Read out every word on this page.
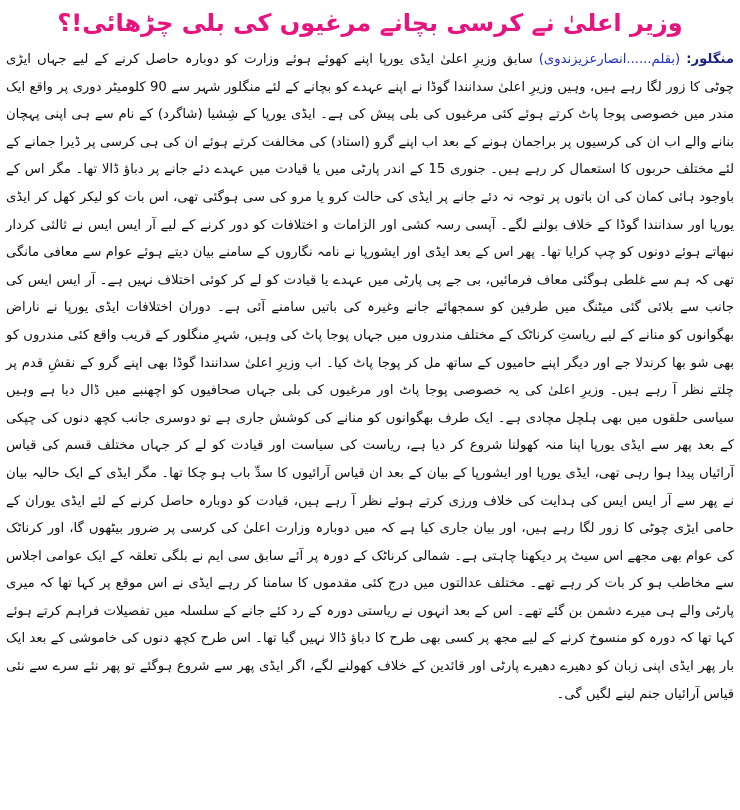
وزیر اعلیٰ نے کرسی بچانے مرغیوں کی بلی چڑھائی!؟

منگلور: (بقلم......انصارعزیزندوی) سابق وزیرِ اعلیٰ ایڈی یورپا اپنے کھوئے ہوئے وزارت کو دوبارہ حاصل کرنے کے لیے جہاں ایڑی چوٹی کا زور لگا رہے ہیں، وہیں وزیرِ اعلیٰ سدانندا گوڈا نے اپنے عہدے کو بچانے کے لئے منگلور شہر سے 90 کلومیٹر دوری پر واقع ایک مندر میں خصوصی پوجا پاٹ کرتے ہوئے کئی مرغیوں کی بلی پیش کی ہے۔ ایڈی یورپا کے شِشیا (شاگرد) کے نام سے ہی اپنی پہچان بنانے والے اب ان کی کرسیوں پر براجمان ہونے کے بعد اب اپنے گرو (استاد) کی مخالفت کرتے ہوئے ان کی ہی کرسی پر ڈیرا جمانے کے لئے مختلف حربوں کا استعمال کر رہے ہیں۔ جنوری 15 کے اندر پارٹی میں یا قیادت میں عہدے دئے جانے پر دباؤ ڈالا تھا۔ مگر اس کے باوجود ہائی کمان کی ان باتوں پر توجہ نہ دئے جانے پر ایڈی کی حالت کرو یا مرو کی سی ہوگئی تھی، اس بات کو لیکر کھل کر ایڈی یورپا اور سدانندا گوڈا کے خلاف بولنے لگے۔ آپسی رسہ کشی اور الزامات و اختلافات کو دور کرنے کے لیے آر ایس ایس نے ثالثی کردار نبھاتے ہوئے دونوں کو چپ کرایا تھا۔ پھر اس کے بعد ایڈی اور ایشورپا نے نامہ نگاروں کے سامنے بیان دیتے ہوئے عوام سے معافی مانگی تھی کہ ہم سے غلطی ہوگئی معاف فرمائیں، بی جے پی پارٹی میں عہدے یا قیادت کو لے کر کوئی اختلاف نہیں ہے۔ آر ایس ایس کی جانب سے بلائی گئی میٹنگ میں طرفین کو سمجھائے جانے وغیرہ کی باتیں سامنے آئی ہے۔ دوران اختلافات ایڈی یورپا نے ناراض بھگوانوں کو منانے کے لیے ریاستِ کرناٹک کے مختلف مندروں میں جہاں پوجا پاٹ کی وہیں، شہرِ منگلور کے قریب واقع کئی مندروں کو بھی شو بھا کرندلا جے اور دیگر اپنے حامیوں کے ساتھ مل کر پوجا پاٹ کیا۔ اب وزیرِ اعلیٰ سدانندا گوڈا بھی اپنے گرو کے نقشِ قدم پر چلتے نظر آ رہے ہیں۔ وزیرِ اعلیٰ کی یہ خصوصی پوجا پاٹ اور مرغیوں کی بلی جہاں صحافیوں کو اچھنبے میں ڈال دیا ہے وہیں سیاسی حلقوں میں بھی ہلچل مچادی ہے۔ ایک طرف بھگوانوں کو منانے کی کوشش جاری ہے تو دوسری جانب کچھ دنوں کی چپکی کے بعد پھر سے ایڈی یورپا اپنا منہ کھولنا شروع کر دیا ہے، ریاست کی سیاست اور قیادت کو لے کر جہاں مختلف قسم کی قیاس آرائیاں پیدا ہوا رہی تھی، ایڈی یورپا اور ایشورپا کے بیان کے بعد ان قیاس آرائیوں کا سدِّ باب ہو چکا تھا۔ مگر ایڈی کے ایک حالیہ بیان نے پھر سے آر ایس ایس کی ہدایت کی خلاف ورزی کرتے ہوئے نظر آ رہے ہیں، قیادت کو دوبارہ حاصل کرنے کے لئے ایڈی یوران کے حامی ایڑی چوٹی کا زور لگا رہے ہیں، اور بیان جاری کیا ہے کہ میں دوبارہ وزارت اعلیٰ کی کرسی پر ضرور بیٹھوں گا، اور کرناٹک کی عوام بھی مجھے اس سیٹ پر دیکھنا چاہتی ہے۔ شمالی کرناٹک کے دورہ پر آئے سابق سی ایم نے بلگی تعلقہ کے ایک عوامی اجلاس سے مخاطب ہو کر بات کر رہے تھے۔ مختلف عدالتوں میں درج کئی مقدموں کا سامنا کر رہے ایڈی نے اس موقع پر کہا تھا کہ میری پارٹی والے ہی میرے دشمن بن گئے تھے۔ اس کے بعد انہوں نے ریاستی دورہ کے رد کئے جانے کے سلسلہ میں تفصیلات فراہم کرتے ہوئے کہا تھا کہ دورہ کو منسوخ کرنے کے لیے مجھ پر کسی بھی طرح کا دباؤ ڈالا نہیں گیا تھا۔ اس طرح کچھ دنوں کی خاموشی کے بعد ایک بار پھر ایڈی اپنی زبان کو دھیرے دھیرے پارٹی اور قائدین کے خلاف کھولنے لگے، اگر ایڈی پھر سے شروع ہوگئے تو پھر نئے سرے سے نئی قیاس آرائیاں جنم لینے لگیں گی۔
